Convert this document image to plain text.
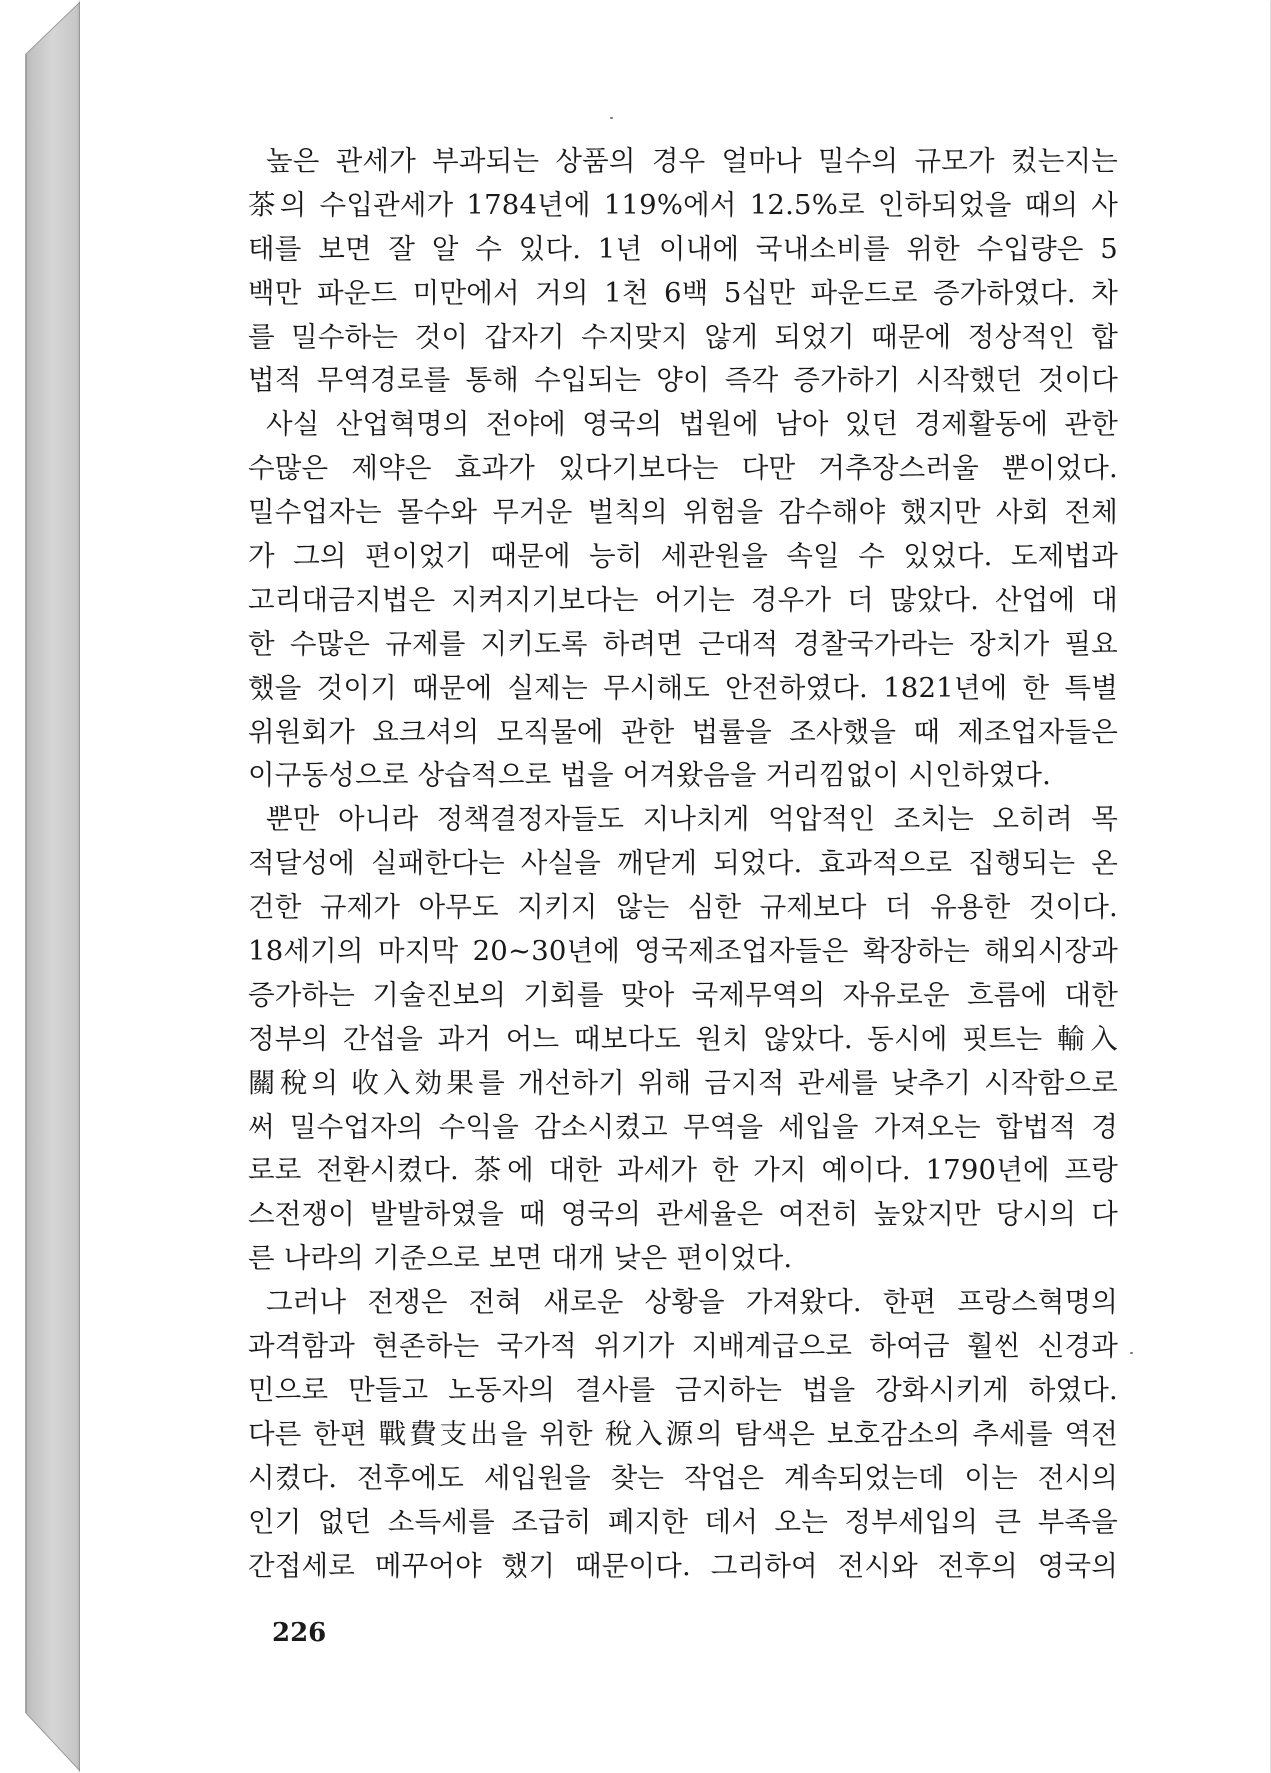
높은 관세가 부과되는 상품의 경우 얼마나 밀수의 규모가 컸는지는
茶의 수입관세가 1784년에 119%에서 12.5%로 인하되었을 때의 사
태를 보면 잘 알 수 있다. 1년 이내에 국내소비를 위한 수입량은 5
백만 파운드 미만에서 거의 1천 6백 5십만 파운드로 증가하였다. 차
를 밀수하는 것이 갑자기 수지맞지 않게 되었기 때문에 정상적인 합
법적 무역경로를 통해 수입되는 양이 즉각 증가하기 시작했던 것이다
사실 산업혁명의 전야에 영국의 법원에 남아 있던 경제활동에 관한
수많은 제약은 효과가 있다기보다는 다만 거추장스러울 뿐이었다.
밀수업자는 몰수와 무거운 벌칙의 위험을 감수해야 했지만 사회 전체
가 그의 편이었기 때문에 능히 세관원을 속일 수 있었다. 도제법과
고리대금지법은 지켜지기보다는 어기는 경우가 더 많았다. 산업에 대
한 수많은 규제를 지키도록 하려면 근대적 경찰국가라는 장치가 필요
했을 것이기 때문에 실제는 무시해도 안전하였다. 1821년에 한 특별
위원회가 요크셔의 모직물에 관한 법률을 조사했을 때 제조업자들은
이구동성으로 상습적으로 법을 어겨왔음을 거리낌없이 시인하였다.
뿐만 아니라 정책결정자들도 지나치게 억압적인 조치는 오히려 목
적달성에 실패한다는 사실을 깨닫게 되었다. 효과적으로 집행되는 온
건한 규제가 아무도 지키지 않는 심한 규제보다 더 유용한 것이다.
18세기의 마지막 20~30년에 영국제조업자들은 확장하는 해외시장과
증가하는 기술진보의 기회를 맞아 국제무역의 자유로운 흐름에 대한
정부의 간섭을 과거 어느 때보다도 원치 않았다. 동시에 핏트는 輸入
關稅의 收入効果를 개선하기 위해 금지적 관세를 낮추기 시작함으로
써 밀수업자의 수익을 감소시켰고 무역을 세입을 가져오는 합법적 경
로로 전환시켰다. 茶에 대한 과세가 한 가지 예이다. 1790년에 프랑
스전쟁이 발발하였을 때 영국의 관세율은 여전히 높았지만 당시의 다
른 나라의 기준으로 보면 대개 낮은 편이었다.
그러나 전쟁은 전혀 새로운 상황을 가져왔다. 한편 프랑스혁명의
과격함과 현존하는 국가적 위기가 지배계급으로 하여금 훨씬 신경과
민으로 만들고 노동자의 결사를 금지하는 법을 강화시키게 하였다.
다른 한편 戰費支出을 위한 稅入源의 탐색은 보호감소의 추세를 역전
시켰다. 전후에도 세입원을 찾는 작업은 계속되었는데 이는 전시의
인기 없던 소득세를 조급히 폐지한 데서 오는 정부세입의 큰 부족을
간접세로 메꾸어야 했기 때문이다. 그리하여 전시와 전후의 영국의
226
